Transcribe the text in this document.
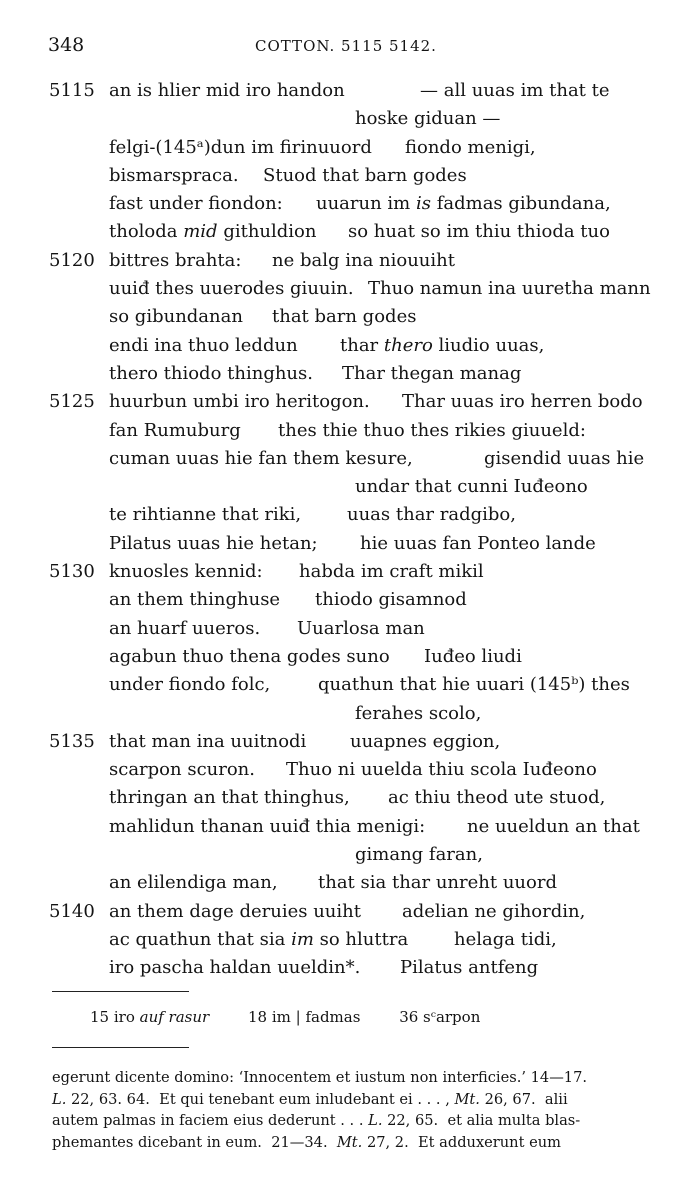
348	COTTON. 5115 5142.
5115 an is hlier mid iro handon	— all uuas im that te
hoske giduan —
felgi-(145ᵃ)dun im firinuuord fiondo menigi,
bismarspraca. Stuod that barn godes
fast under fiondon: uuarun im is fadmas gibundana,
tholoda mid githuldion so huat so im thiu thioda tuo
5120 bittres brahta: ne balg ina niouuiht
uuiđ thes uuerodes giuuin. Thuo namun ina uuretha mann
so gibundanan that barn godes
endi ina thuo leddun thar thero liudio uuas,
thero thiodo thinghus. Thar thegan manag
5125 huurbun umbi iro heritogon. Thar uuas iro herren bodo
fan Rumuburg thes thie thuo thes rikies giuueld:
cuman uuas hie fan them kesure,	gisendid uuas hie
undar that cunni Iuđeono
te rihtianne that riki,	uuas thar radgibo,
Pilatus uuas hie hetan; hie uuas fan Ponteo lande
5130 knuosles kennid: habda im craft mikil
an them thinghuse thiodo gisamnod
an huarf uueros. Uuarlosa man
agabun thuo thena godes suno Iuđeo liudi
under fiondo folc,	quathun that hie uuari (145ᵇ) thes
ferahes scolo,
5135 that man ina uuitnodi uuapnes eggion,
scarpon scuron. Thuo ni uuelda thiu scola Iuđeono
thringan an that thinghus, ac thiu theod ute stuod,
mahlidun thanan uuiđ thia menigi: ne uueldun an that
gimang faran,
an elilendiga man, that sia thar unreht uuord
5140 an them dage deruies uuiht adelian ne gihordin,
ac quathun that sia im so hluttra	helaga tidi,
iro pascha haldan uueldin*. Pilatus antfeng
15 iro auf rasur	18 im | fadmas	36 sᶜarpon
egerunt dicente domino: ‘Innocentem et iustum non interficies.’ 14—17.
L. 22, 63. 64.  Et qui tenebant eum inludebant ei . . . , Mt. 26, 67.  alii
autem palmas in faciem eius dederunt . . . L. 22, 65.  et alia multa blas-
phemantes dicebant in eum.  21—34.  Mt. 27, 2.  Et adduxerunt eum
